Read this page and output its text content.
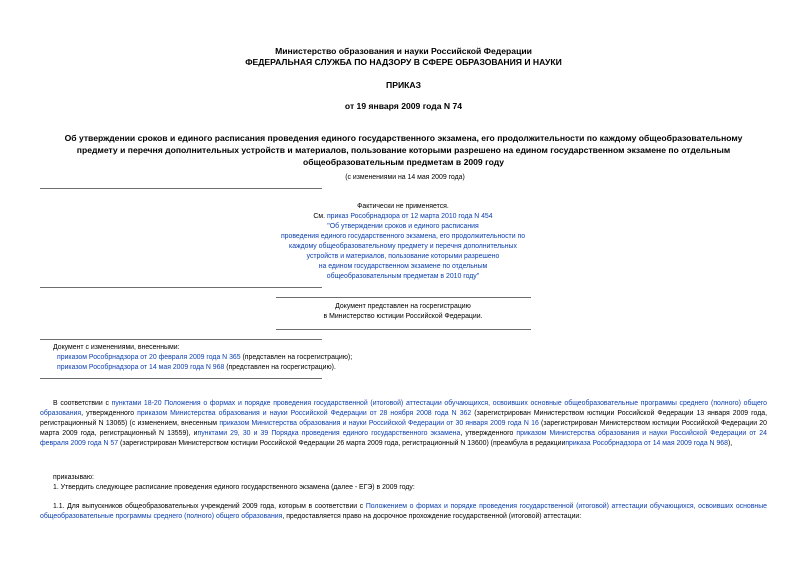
Министерство образования и науки Российской Федерации
ФЕДЕРАЛЬНАЯ СЛУЖБА ПО НАДЗОРУ В СФЕРЕ ОБРАЗОВАНИЯ И НАУКИ
ПРИКАЗ
от 19 января 2009 года N 74
Об утверждении сроков и единого расписания проведения единого государственного экзамена, его продолжительности по каждому общеобразовательному предмету и перечня дополнительных устройств и материалов, пользование которыми разрешено на едином государственном экзамене по отдельным общеобразовательным предметам в 2009 году
(с изменениями на 14 мая 2009 года)
Фактически не применяется.
См. приказ Рособрнадзора от 12 марта 2010 года N 454
"Об утверждении сроков и единого расписания
проведения единого государственного экзамена, его продолжительности по
каждому общеобразовательному предмету и перечня дополнительных
устройств и материалов, пользование которыми разрешено
на едином государственном экзамене по отдельным
общеобразовательным предметам в 2010 году"
Документ представлен на госрегистрацию
в Министерство юстиции Российской Федерации.
Документ с изменениями, внесенными:
приказом Рособрнадзора от 20 февраля 2009 года N 365 (представлен на госрегистрацию);
приказом Рособрнадзора от 14 мая 2009 года N 968 (представлен на госрегистрацию).
В соответствии с пунктами 18-20 Положения о формах и порядке проведения государственной (итоговой) аттестации обучающихся, освоивших основные общеобразовательные программы среднего (полного) общего образования, утвержденного приказом Министерства образования и науки Российской Федерации от 28 ноября 2008 года N 362 (зарегистрирован Министерством юстиции Российской Федерации 13 января 2009 года, регистрационный N 13065) (с изменением, внесенным приказом Министерства образования и науки Российской Федерации от 30 января 2009 года N 16 (зарегистрирован Министерством юстиции Российской Федерации 20 марта 2009 года, регистрационный N 13559), ипунктами 29, 30 и 39 Порядка проведения единого государственного экзамена, утвержденного приказом Министерства образования и науки Российской Федерации от 24 февраля 2009 года N 57 (зарегистрирован Министерством юстиции Российской Федерации 26 марта 2009 года, регистрационный N 13600) (преамбула в редакцииприказа Рособрнадзора от 14 мая 2009 года N 968),
приказываю:
1. Утвердить следующее расписание проведения единого государственного экзамена (далее - ЕГЭ) в 2009 году:
1.1. Для выпускников общеобразовательных учреждений 2009 года, которым в соответствии с Положением о формах и порядке проведения государственной (итоговой) аттестации обучающихся, освоивших основные общеобразовательные программы среднего (полного) общего образования, предоставляется право на досрочное прохождение государственной (итоговой) аттестации:
